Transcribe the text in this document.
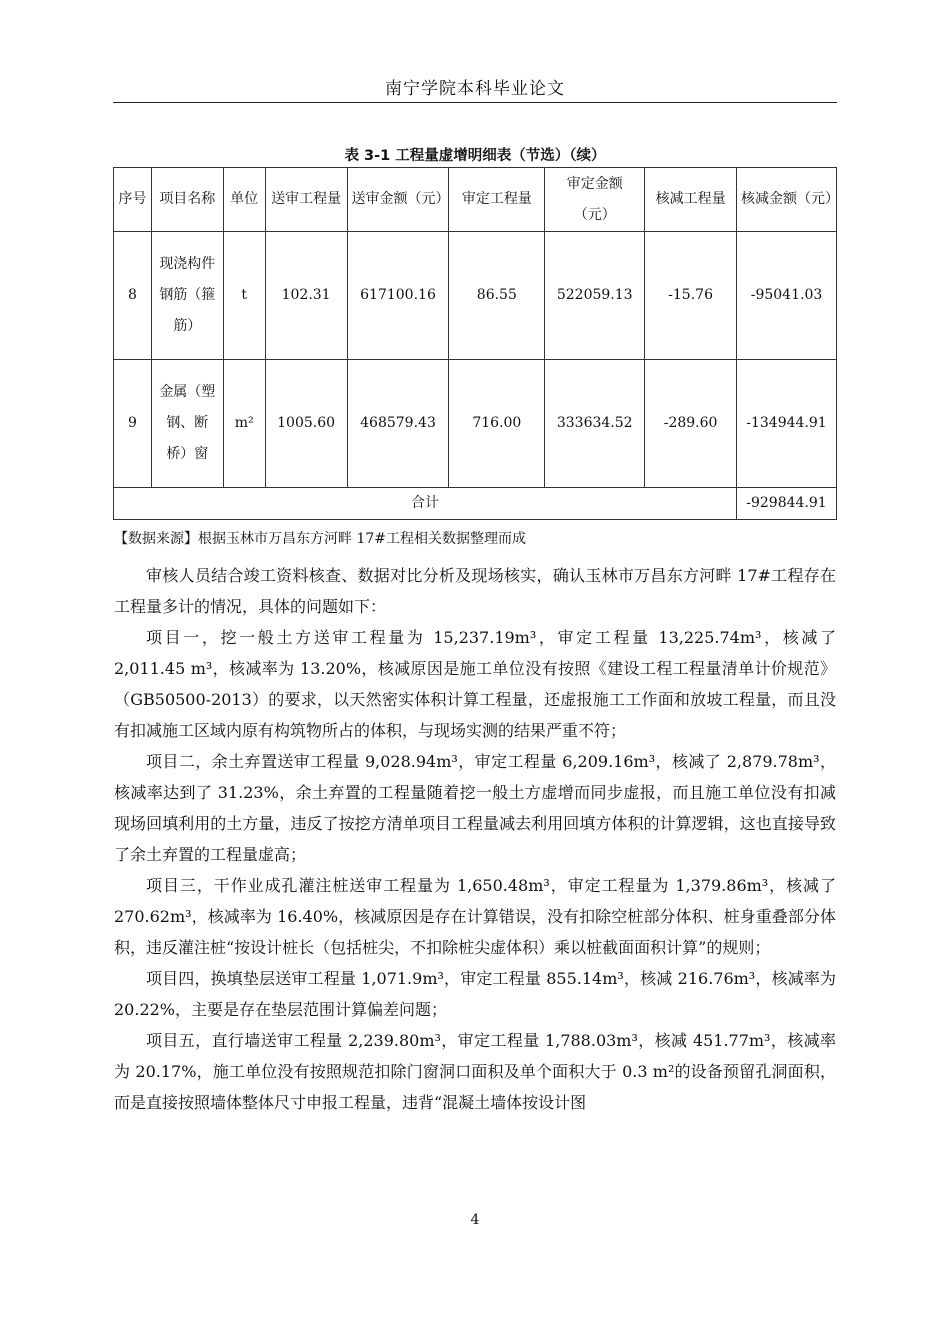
南宁学院本科毕业论文
表 3-1 工程量虚增明细表（节选）（续）
序号	项目名称	单位	送审工程量	送审金额（元）	审定工程量	审定金额（元）	核减工程量	核减金额（元）
8	现浇构件钢筋（箍筋）	t	102.31	617100.16	86.55	522059.13	-15.76	-95041.03
9	金属（塑钢、断桥）窗	m²	1005.60	468579.43	716.00	333634.52	-289.60	-134944.91
合计								-929844.91
【数据来源】根据玉林市万昌东方河畔 17#工程相关数据整理而成

审核人员结合竣工资料核查、数据对比分析及现场核实，确认玉林市万昌东方河畔 17#工程存在工程量多计的情况，具体的问题如下：

项目一，挖一般土方送审工程量为 15,237.19m³，审定工程量 13,225.74m³，核减了 2,011.45 m³，核减率为 13.20%，核减原因是施工单位没有按照《建设工程工程量清单计价规范》（GB50500-2013）的要求，以天然密实体积计算工程量，还虚报施工工作面和放坡工程量，而且没有扣减施工区域内原有构筑物所占的体积，与现场实测的结果严重不符；

项目二，余土弃置送审工程量 9,028.94m³，审定工程量 6,209.16m³，核减了 2,879.78m³，核减率达到了 31.23%，余土弃置的工程量随着挖一般土方虚增而同步虚报，而且施工单位没有扣减现场回填利用的土方量，违反了按挖方清单项目工程量减去利用回填方体积的计算逻辑，这也直接导致了余土弃置的工程量虚高；

项目三，干作业成孔灌注桩送审工程量为 1,650.48m³，审定工程量为 1,379.86m³，核减了 270.62m³，核减率为 16.40%，核减原因是存在计算错误，没有扣除空桩部分体积、桩身重叠部分体积，违反灌注桩“按设计桩长（包括桩尖，不扣除桩尖虚体积）乘以桩截面面积计算”的规则；

项目四，换填垫层送审工程量 1,071.9m³，审定工程量 855.14m³，核减 216.76m³，核减率为 20.22%，主要是存在垫层范围计算偏差问题；

项目五，直行墙送审工程量 2,239.80m³，审定工程量 1,788.03m³，核减 451.77m³，核减率为 20.17%，施工单位没有按照规范扣除门窗洞口面积及单个面积大于 0.3 m²的设备预留孔洞面积，而是直接按照墙体整体尺寸申报工程量，违背“混凝土墙体按设计图

4
